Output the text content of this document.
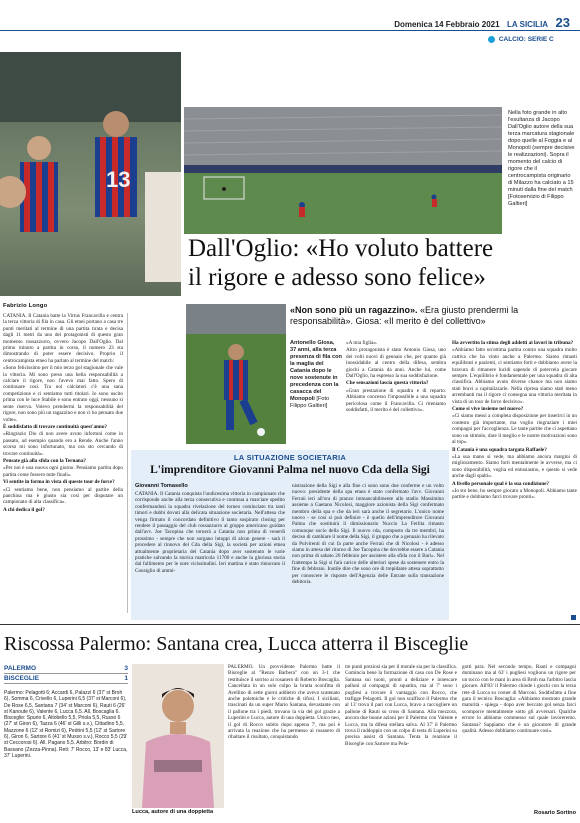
Domenica 14 Febbraio 2021 LA SICILIA 23
CALCIO: SERIE C
13
Nella foto grande in alto l'esultanza di Jacopo Dall'Oglio autore della sua terza marcatura stagionale dopo quelle al Foggia e al Monopoli (sempre decisive le realizzazioni). Sopra il momento del calcio di rigore che il centrocampista originario di Milazzo ha calciato a 15 minuti dalla fine del match [Fotoservizio di Filippo Galtieri]
Dall'Oglio: «Ho voluto battere
il rigore e adesso sono felice»
Fabrizio Longo

CATANIA. Il Catania batte la Virtus Francavilla e centra la terza vittoria di fila in casa. Gli etnei portano a casa tre punti meritati al termine di una partita tirata e decisa dagli 11 metri da uno dei protagonisti di questo gran momento rossazzurro, ovvero Jacopo Dall'Oglio. Dal primo minuto a partita in corso, il numero 23 sta dimostrando di poter essere decisivo. Proprio il centrocampista etneo ha parlato al termine del match:

«Sono felicissimo per il mio terzo gol stagionale che vale la vittoria. Mi sono preso una bella responsabilità a calciare il rigore, non l'avevo mai fatto. Spero di continuare così. Tra noi calciatori c'è una sana competizione e ci sentiamo tutti titolari. Io sono uscito prima con le luce Stabile e sono entrato oggi, nessuno si sente riserva. Volevo prendermi la responsabilità del rigore, non sono più un ragazzino e non ci ho pensato due volte».

È soddisfatto di trovare continuità quest'anno?

«Ringrazio Dio di non avere avuto infortuni come in passato, ad esempio quando ero a Rende. Anche l'anno scorso mi sono infortunato, ma ora sto cercando di trovare continuità».

Pensate già alla sfida con la Ternana?

«Per noi è una nuova ogni giorno. Pensiamo partita dopo partita come fossero tutte finali».

Vi sentite in forma in vista di queste tour de force?

«Ci sentiamo bene, non pensiamo al partite della panchina ma è giusto sia così per disputare un campionato di alta classifica».

A chi dedica il gol?

«Non sono più un ragazzino». «Era giusto prendermi la responsabilità». Giosa: «Il merito è del collettivo»
Antonello Giosa, 37 anni, alla terza presenza di fila con la maglia del Catania dopo le nove sostenute in precedenza con la casacca del Monopoli [Foto Filippo Galtieri]

«A mia figlia».

Altro protagonista è stato Antonio Giosa, uno dei volti nuovi di gennaio che, per quanto già inossidabile al centro della difesa, sembra giochi a Catania da anni. Anche lui, come Dall'Oglio, ha espresso la sua soddisfazione.

Che sensazioni lascia questa vittoria?

«Gran prestazione di squadra e di reparto. Abbiamo concesso l'impossibile a una squadra pericolosa come il Francavilla. Ci riteniamo soddisfatti, il merito è del collettivo».

Ha avvertito la stima degli addetti ai lavori in tribuna?

«Abbiamo fatto un'ottima partita contro una squadra molto cattiva che ha vinto anche a Palermo. Siamo rimasti equilibrati e pazienti, ci sentiamo forti e dobbiamo avere la bravura di rimanere lucidi sapendo di potercela giocare sempre. L'equilibrio è fondamentale per una squadra di alta classifica. Abbiamo avuto diverse chance ma non siamo stati bravi a capitalizzarle. Nella ripresa siamo stati meno arrembanti ma il rigore ci consegna una vittoria meritata in vista di un tour de force decisivo».

Come si vive insieme nel nuovo?

«Ci siamo messi a completa disposizione per inserirci in un contesto già importante, ma voglio ringraziare i miei compagni per l'accoglienza. Le tante partite che ci aspettano sono un stimolo, dare il meglio e le nostre motivazioni sono al top».

Il Catania è una squadra targata Raffaele?

«La sua mano si vede, ma abbiamo ancora margini di miglioramento. Siamo forti mentalmente le avverse, ma ci sono disponibilità, voglia ed entusiasmo, e questo si vede anche dagli spalti».

A livello personale qual è la sua condizione?

«Io sto bene, ho sempre giocato a Monopoli. Abbiamo tante partite e dobbiamo farci trovare pronti».

LA SITUAZIONE SOCIETARIA
L'imprenditore Giovanni Palma nel nuovo Cda della Sigi
Giovanni Tomasello
CATANIA. Il Catania conquista l'undicesima vittoria in campionato che corrisponde anche alla terza consecutiva e continua a marciare spedito confermandosi la squadra rivelazione del torneo cominciato tra tanti timori e dubbi dovuti alla delicata situazione societaria. Nell'attesa che venga firmato il concordato definitivo il tanto sospirato closing per rendere il passaggio del club rossazzurro al gruppo americano guidato dall'avv. Joe Tacopina che tornerà a Catania non prima di venerdì prossimo - sempre che non sorgano intoppi di alcun genere - sarà il procedere al rinnovo del Cda della Sigi, la società per azioni etnea attualmente proprietaria del Catania dopo aver sostenuto le varie pratiche salvando la storica matricola 11700 e anche la gloriosa storia dal fallimento per le note vicissitudini. Ieri mattina è stato rinnovato il Consiglio di ammi-
nistrazione della Sigi e alla fine ci sono sono due conferme e un volto nuovo: presidente della spa etnea è stato confermato l'avv. Giovanni Ferraù ieri all'ora di pranzo immancabilmente allo stadio Massimino assieme a Gaetano Nicolosi, maggiore azionista della Sigi confermato membro della spa e che da ieri sarà anche il segretario. L'unico nome nuovo - se così si può definire - è quello dell'imprenditore Giovanni Palma che sostituirà il dimissionario Nuccio La Ferlita rimasto comunque socio della Sigi. Il nuovo cda, composto da tre membri, ha deciso di cambiare il nome della Sigi, il gruppo che a gennaio ha rilevato da Pulvirenti di cui fa parte anche Ferraù che di Nicolosi - è adesso siamo in attesa del ritorno di Joe Tacopina che dovrebbe essere a Catania non prima di sabato 20 febbraio per assistere alla sfida con il Bari». Nel frattempo la Sigi si farà carico delle ulteriori spese da sostenere entro la fine di febbraio. Inutile dire che sono ore di trepidante attesa soprattutto per conoscere le risposte dell'Agenzia delle Entrate sulla transazione debitoria.
Riscossa Palermo: Santana crea, Lucca atterra il Bisceglie
PALERMO	3
BISCEGLIE	1
Palermo: Pelagotti 6; Accardi 6, Palazzi 6 (37' st Broh 6), Somma 6, Crivello 6, Luperini 6,5 (37' st Marconi 6), De Rose 6,5, Santana 7 (34' st Marconi 6), Rauti 6 (26' st Kanoute 6), Valente 6, Lucca 6,5. All. Boscaglia 6. Bisceglie: Spurio 6, Altobello 5,5, Priola 5,5, Russo 6 (27' st Giron 6), Tazza 6 (46' st Gilli s.v.), Cittadino 5,5, Mazzone 6 (12' st Romizi 6), Pedrini 5,5 (12' st Sartore 6), Giron 6, Sartore 6 (41' st Musso s.v.), Rocco 5,5 (29' st Ceccorosi 6). All. Pagano 5,5. Arbitro: Bordin di Bassano (Zezza-Pinna). Reti: 7' Rocco, 13' e 83' Lucca, 37' Luperini.
Lucca, autore di una doppietta
PALERMO. Un provvidente Palermo batte il Bisceglie al "Renzo Barbera" con un 3-1 che restituisce il sorriso ai rosanero di Roberto Boscaglia. Cancellata in un solo colpo la brutta sconfitta di Avellino di sette giorni addietro che aveva scatenato anche polemiche e le critiche di tifosi. I siciliani, trascinati da un super Mario Santana, devastante con il pallone tra i piedi, trovano la via del gol grazie a Luperini e Lucca, autore di una doppietta. Unico neo, il gol di Rocco subito dopo appena 7', ma poi è arrivata la reazione che ha permesso ai rosanero di ribaltare il risultato, conquistando
tre punti preziosi sia per il morale sia per la classifica. Comincia bene la formazione di casa con De Rose e Santana sui tuoni, pronti a deliziare e innescare palloni al compagni di squadra, ma al 7' sono i pugliesi a trovare il vantaggio con Rocco, che trafigge Pelagotti. Il gol non scalfisce il Palermo che al 13' trova il pari con Lucca, bravo a raccogliere un pallone di Rauti su cross di Santana. Alla mezzora, ancora due buone azioni per il Palermo con Valente e Lucca, ma la difesa stellata salva. Al 37' il Palermo trova il raddoppio con un colpo di testa di Luperini su precisa assist di Santana. Tenta la reazione il Bisceglie con Sartore ma Pela-
gotti para. Nel secondo tempo, Rauti e compagni dominano ma al 63' i pugliesi vogliono un rigore per un tocco con le mani in area di Broh ma l'arbitro lascia giocare. All'83' il Palermo chiude i giochi con la terza rete di Lucca su corner di Marconi. Soddisfatto a fine gara il tecnico Boscaglia: «Abbiamo mostrato grande maturità - spiega - dopo aver beccato gol senza farci scomporre mentalmente sotto gli avversari. Qualche errore lo abbiamo commesso sul quale lavoreremo. Santana? Sappiamo che è un giocatore di grande qualità. Adesso dobbiamo continuare così».
Rosario Sortino
